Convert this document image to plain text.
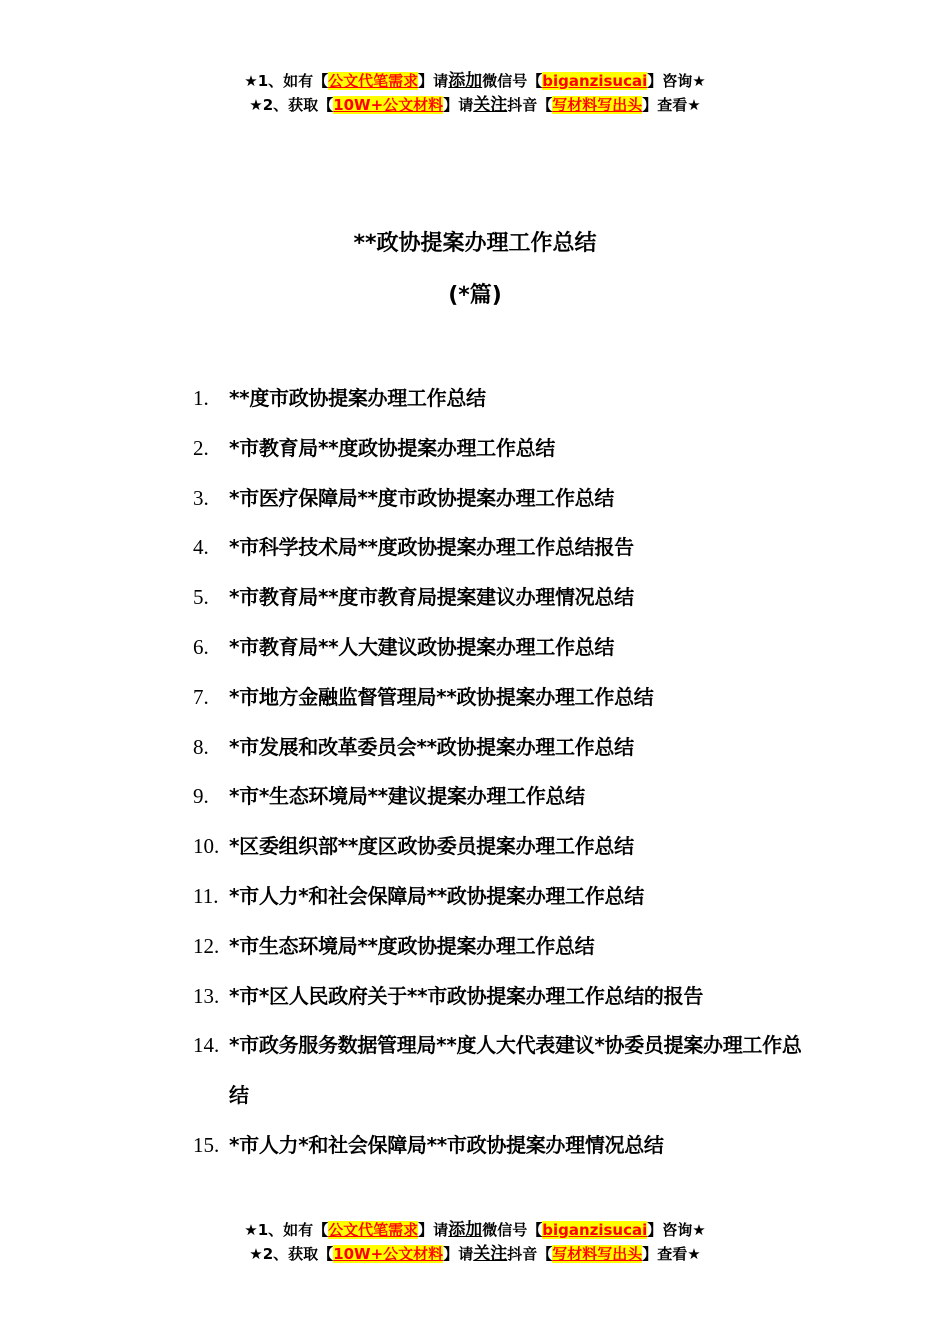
★1、如有【公文代笔需求】请添加微信号【biganzisucai】咨询★
★2、获取【10W+公文材料】请关注抖音【写材料写出头】查看★
**政协提案办理工作总结
(*篇)
1.	**度市政协提案办理工作总结
2.	*市教育局**度政协提案办理工作总结
3.	*市医疗保障局**度市政协提案办理工作总结
4.	*市科学技术局**度政协提案办理工作总结报告
5.	*市教育局**度市教育局提案建议办理情况总结
6.	*市教育局**人大建议政协提案办理工作总结
7.	*市地方金融监督管理局**政协提案办理工作总结
8.	*市发展和改革委员会**政协提案办理工作总结
9.	*市*生态环境局**建议提案办理工作总结
10. *区委组织部**度区政协委员提案办理工作总结
11. *市人力*和社会保障局**政协提案办理工作总结
12. *市生态环境局**度政协提案办理工作总结
13. *市*区人民政府关于**市政协提案办理工作总结的报告
14. *市政务服务数据管理局**度人大代表建议*协委员提案办理工作总结
15. *市人力*和社会保障局**市政协提案办理情况总结
★1、如有【公文代笔需求】请添加微信号【biganzisucai】咨询★
★2、获取【10W+公文材料】请关注抖音【写材料写出头】查看★
